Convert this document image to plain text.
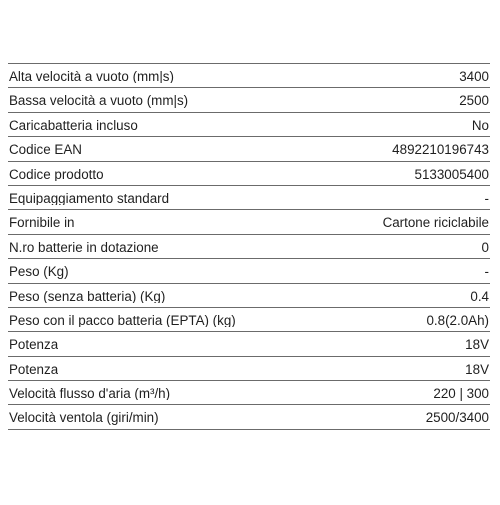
Alta velocità a vuoto (mm|s)	3400
Bassa velocità a vuoto (mm|s)	2500
Caricabatteria incluso	No
Codice EAN	4892210196743
Codice prodotto	5133005400
Equipaggiamento standard	-
Fornibile in	Cartone riciclabile
N.ro batterie in dotazione	0
Peso (Kg)	-
Peso (senza batteria) (Kg)	0.4
Peso con il pacco batteria (EPTA) (kg)	0.8(2.0Ah)
Potenza	18V
Potenza	18V
Velocità flusso d'aria (m³/h)	220 | 300
Velocità ventola (giri/min)	2500/3400
